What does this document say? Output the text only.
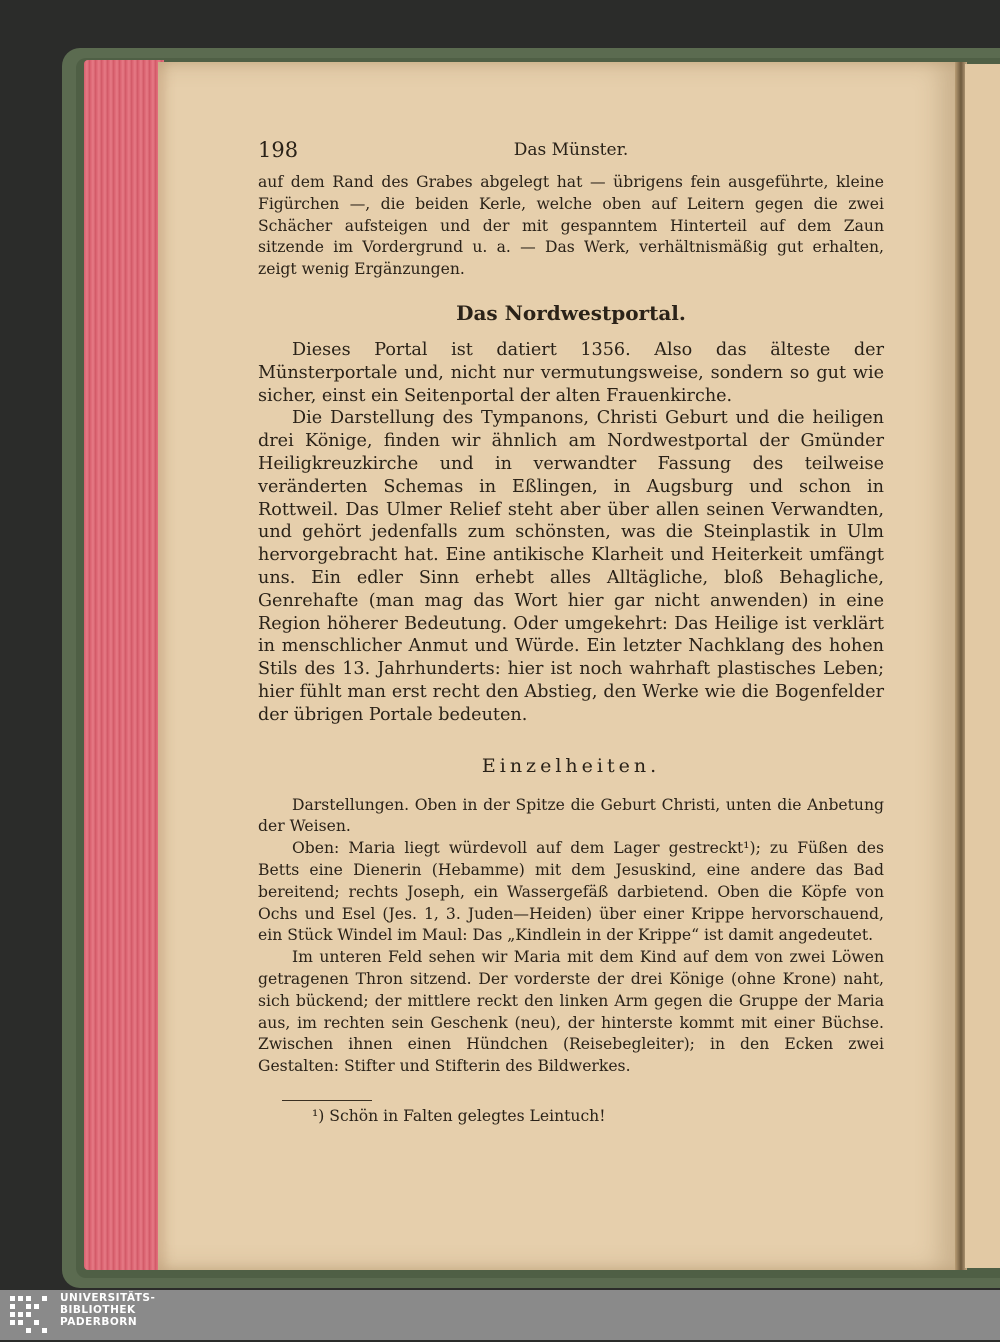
198	Das Münster.

auf dem Rand des Grabes abgelegt hat — übrigens fein ausgeführte, kleine Figürchen —, die beiden Kerle, welche oben auf Leitern gegen die zwei Schächer aufsteigen und der mit gespanntem Hinterteil auf dem Zaun sitzende im Vordergrund u. a. — Das Werk, verhältnismäßig gut erhalten, zeigt wenig Ergänzungen.

Das Nordwestportal.

Dieses Portal ist datiert 1356. Also das älteste der Münsterportale und, nicht nur vermutungsweise, sondern so gut wie sicher, einst ein Seitenportal der alten Frauenkirche.

Die Darstellung des Tympanons, Christi Geburt und die heiligen drei Könige, finden wir ähnlich am Nordwestportal der Gmünder Heiligkreuzkirche und in verwandter Fassung des teilweise veränderten Schemas in Eßlingen, in Augsburg und schon in Rottweil. Das Ulmer Relief steht aber über allen seinen Verwandten, und gehört jedenfalls zum schönsten, was die Steinplastik in Ulm hervorgebracht hat. Eine antikische Klarheit und Heiterkeit umfängt uns. Ein edler Sinn erhebt alles Alltägliche, bloß Behagliche, Genrehafte (man mag das Wort hier gar nicht anwenden) in eine Region höherer Bedeutung. Oder umgekehrt: Das Heilige ist verklärt in menschlicher Anmut und Würde. Ein letzter Nachklang des hohen Stils des 13. Jahrhunderts: hier ist noch wahrhaft plastisches Leben; hier fühlt man erst recht den Abstieg, den Werke wie die Bogenfelder der übrigen Portale bedeuten.

Einzelheiten.

Darstellungen. Oben in der Spitze die Geburt Christi, unten die Anbetung der Weisen.

Oben: Maria liegt würdevoll auf dem Lager gestreckt¹); zu Füßen des Betts eine Dienerin (Hebamme) mit dem Jesuskind, eine andere das Bad bereitend; rechts Joseph, ein Wassergefäß darbietend. Oben die Köpfe von Ochs und Esel (Jes. 1, 3. Juden—Heiden) über einer Krippe hervorschauend, ein Stück Windel im Maul: Das „Kindlein in der Krippe“ ist damit angedeutet.

Im unteren Feld sehen wir Maria mit dem Kind auf dem von zwei Löwen getragenen Thron sitzend. Der vorderste der drei Könige (ohne Krone) naht, sich bückend; der mittlere reckt den linken Arm gegen die Gruppe der Maria aus, im rechten sein Geschenk (neu), der hinterste kommt mit einer Büchse. Zwischen ihnen einen Hündchen (Reisebegleiter); in den Ecken zwei Gestalten: Stifter und Stifterin des Bildwerkes.

¹) Schön in Falten gelegtes Leintuch!

UNIVERSITÄTS-
BIBLIOTHEK
PADERBORN
